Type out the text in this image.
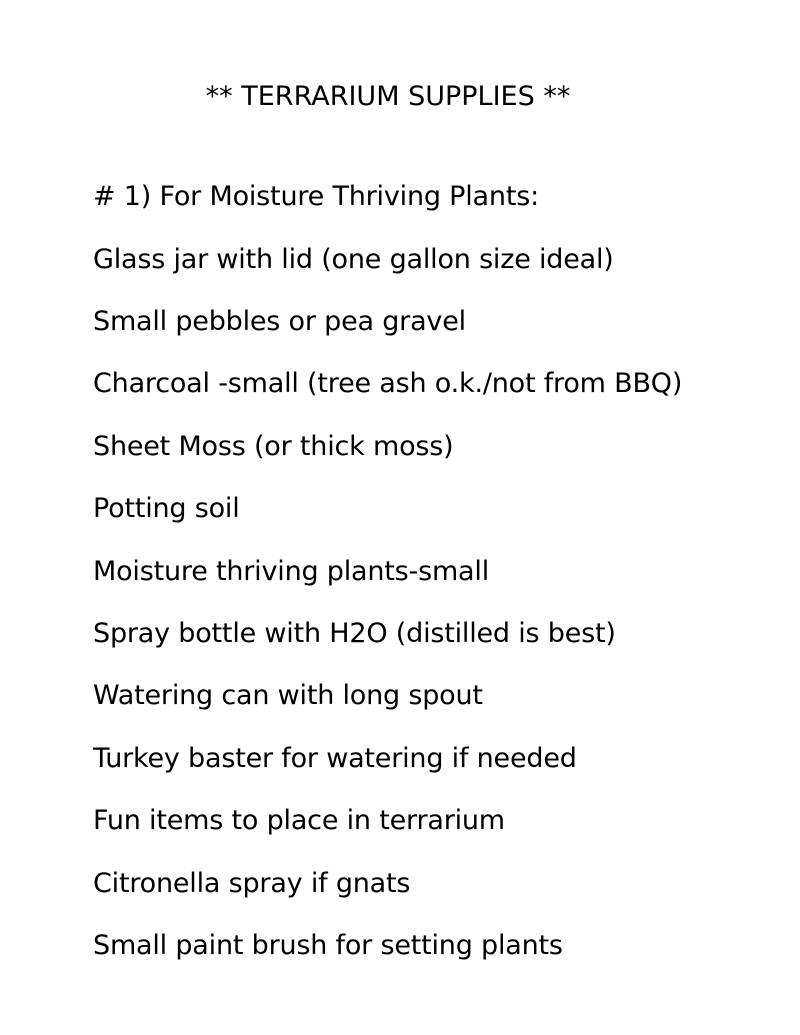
** TERRARIUM SUPPLIES **
# 1) For Moisture Thriving Plants:
Glass jar with lid (one gallon size ideal)
Small pebbles or pea gravel
Charcoal -small (tree ash o.k./not from BBQ)
Sheet Moss (or thick moss)
Potting soil
Moisture thriving plants-small
Spray bottle with H2O (distilled is best)
Watering can with long spout
Turkey baster for watering if needed
Fun items to place in terrarium
Citronella spray if gnats
Small paint brush for setting plants
